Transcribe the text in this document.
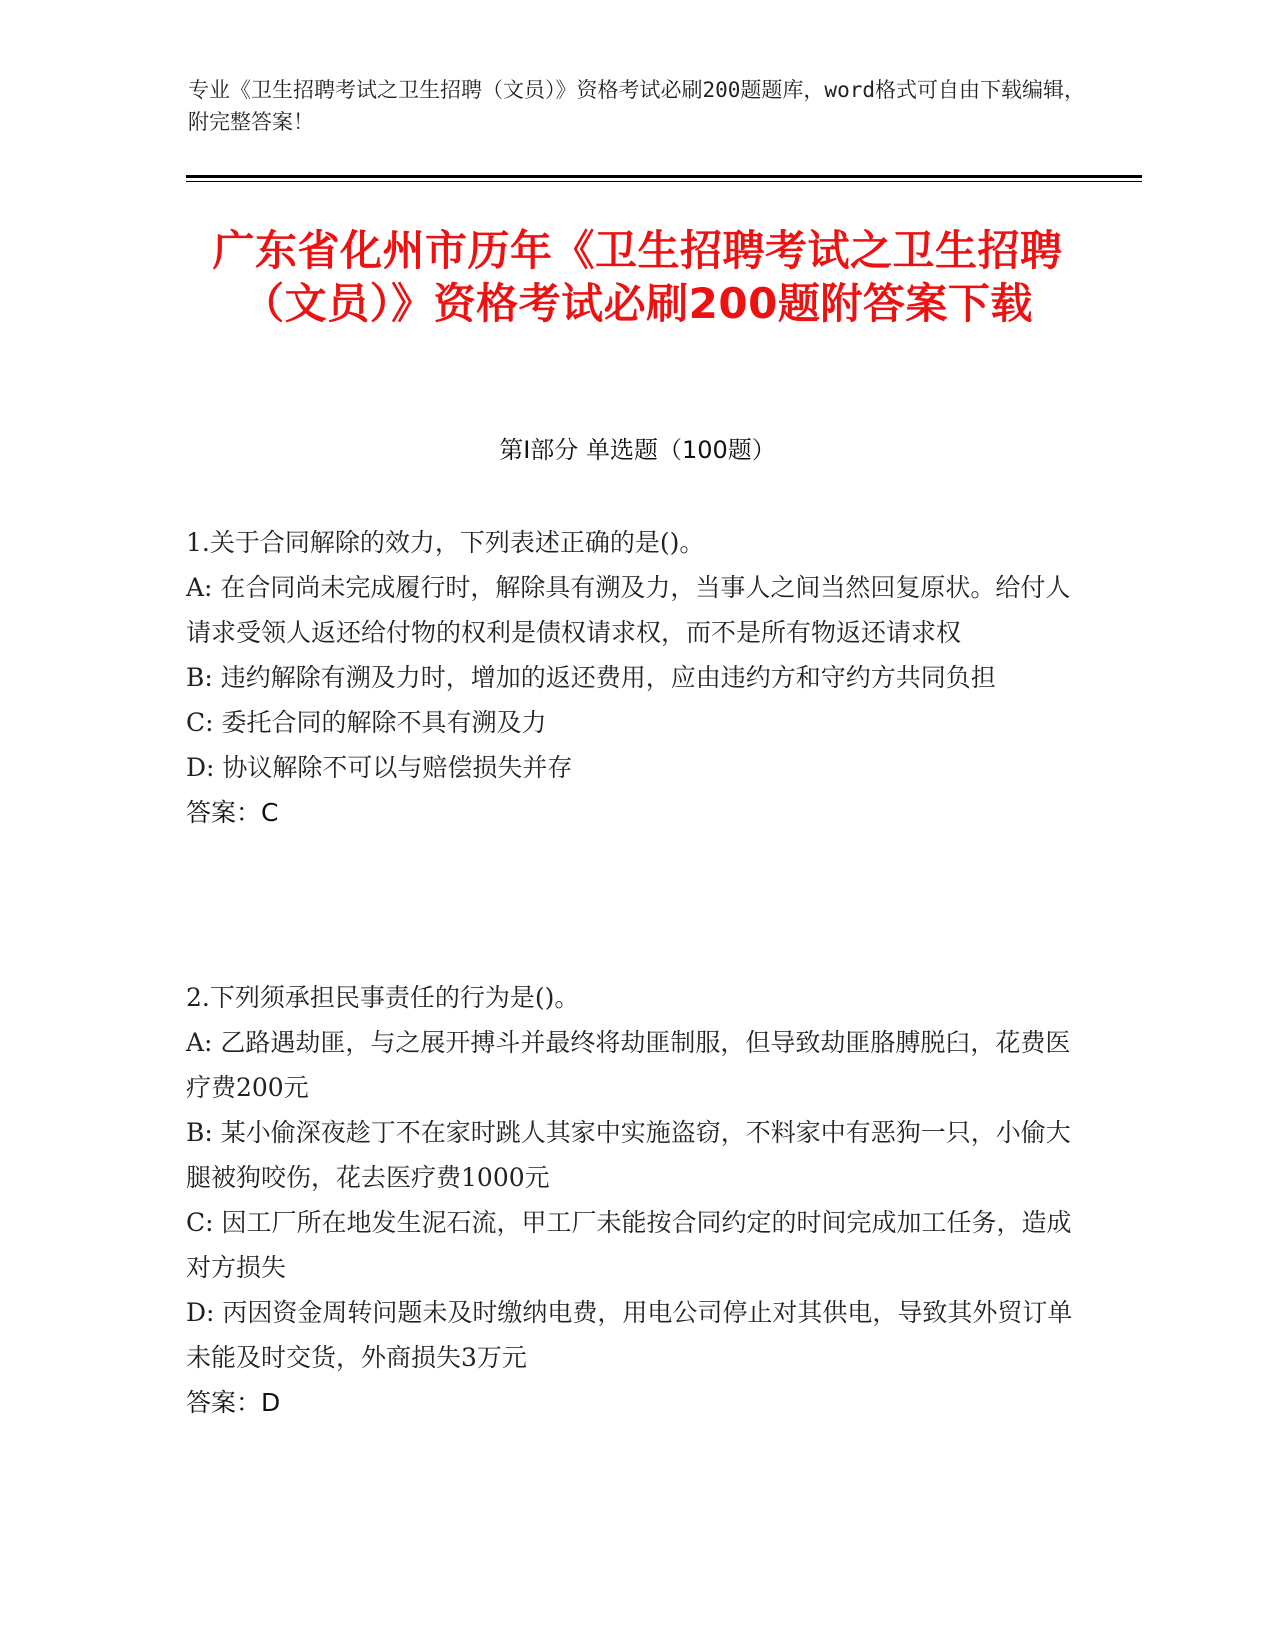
专业《卫生招聘考试之卫生招聘（文员）》资格考试必刷200题题库，word格式可自由下载编辑，附完整答案！
广东省化州市历年《卫生招聘考试之卫生招聘（文员）》资格考试必刷200题附答案下载
第I部分 单选题（100题）

1.关于合同解除的效力，下列表述正确的是()。

A: 在合同尚未完成履行时，解除具有溯及力，当事人之间当然回复原状。给付人请求受领人返还给付物的权利是债权请求权，而不是所有物返还请求权

B: 违约解除有溯及力时，增加的返还费用，应由违约方和守约方共同负担

C: 委托合同的解除不具有溯及力

D: 协议解除不可以与赔偿损失并存

答案：C

2.下列须承担民事责任的行为是()。

A: 乙路遇劫匪，与之展开搏斗并最终将劫匪制服，但导致劫匪胳膊脱臼，花费医疗费200元

B: 某小偷深夜趁丁不在家时跳人其家中实施盗窃，不料家中有恶狗一只，小偷大腿被狗咬伤，花去医疗费1000元

C: 因工厂所在地发生泥石流，甲工厂未能按合同约定的时间完成加工任务，造成对方损失

D: 丙因资金周转问题未及时缴纳电费，用电公司停止对其供电，导致其外贸订单未能及时交货，外商损失3万元

答案：D
